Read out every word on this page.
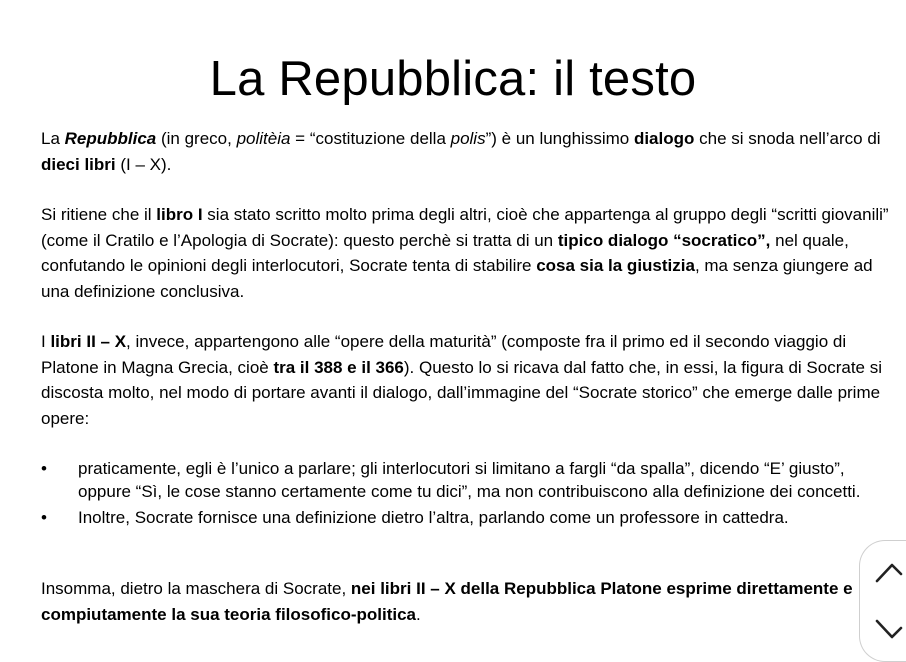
La Repubblica: il testo

La Repubblica (in greco, politèia = “costituzione della polis”) è un lunghissimo dialogo che si snoda nell’arco di dieci libri (I – X).

Si ritiene che il libro I sia stato scritto molto prima degli altri, cioè che appartenga al gruppo degli “scritti giovanili” (come il Cratilo e l’Apologia di Socrate): questo perchè si tratta di un tipico dialogo “socratico”, nel quale, confutando le opinioni degli interlocutori, Socrate tenta di stabilire cosa sia la giustizia, ma senza giungere ad una definizione conclusiva.

I libri II – X, invece, appartengono alle “opere della maturità” (composte fra il primo ed il secondo viaggio di Platone in Magna Grecia, cioè tra il 388 e il 366). Questo lo si ricava dal fatto che, in essi, la figura di Socrate si discosta molto, nel modo di portare avanti il dialogo, dall’immagine del “Socrate storico” che emerge dalle prime opere:

• praticamente, egli è l’unico a parlare; gli interlocutori si limitano a fargli “da spalla”, dicendo “E’ giusto”, oppure “Sì, le cose stanno certamente come tu dici”, ma non contribuiscono alla definizione dei concetti.
• Inoltre, Socrate fornisce una definizione dietro l’altra, parlando come un professore in cattedra.

Insomma, dietro la maschera di Socrate, nei libri II – X della Repubblica Platone esprime direttamente e compiutamente la sua teoria filosofico-politica.
